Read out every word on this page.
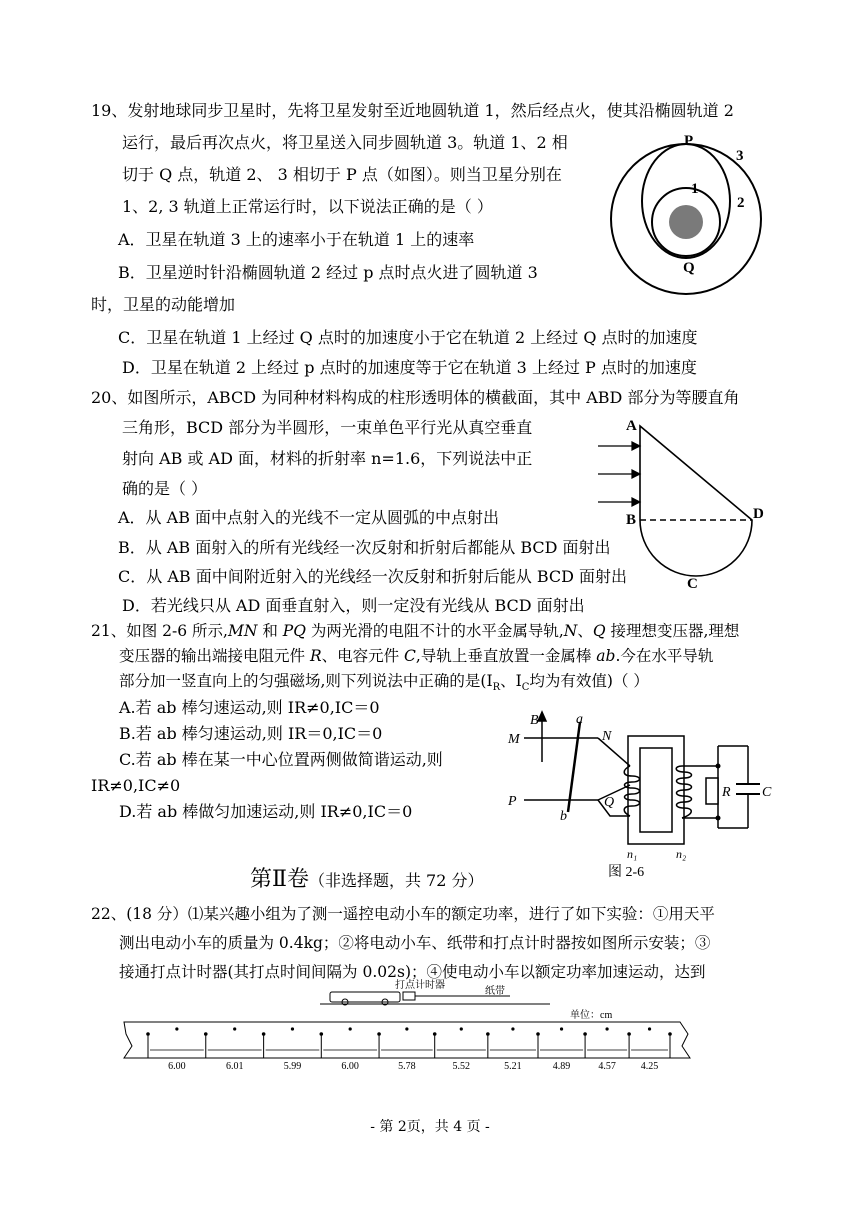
19、发射地球同步卫星时，先将卫星发射至近地圆轨道 1，然后经点火，使其沿椭圆轨道 2
运行，最后再次点火，将卫星送入同步圆轨道 3。轨道 1、2 相
切于 Q 点，轨道 2、 3 相切于 P 点（如图）。则当卫星分别在
1、2, 3 轨道上正常运行时，以下说法正确的是（ ）
A．卫星在轨道 3 上的速率小于在轨道 1 上的速率
B．卫星逆时针沿椭圆轨道 2 经过 p 点时点火进了圆轨道 3
时，卫星的动能增加
C．卫星在轨道 1 上经过 Q 点时的加速度小于它在轨道 2 上经过 Q 点时的加速度
D．卫星在轨道 2 上经过 p 点时的加速度等于它在轨道 3 上经过 P 点时的加速度
P
Q
1
2
3
20、如图所示，ABCD 为同种材料构成的柱形透明体的横截面，其中 ABD 部分为等腰直角
三角形，BCD 部分为半圆形，一束单色平行光从真空垂直
射向 AB 或 AD 面，材料的折射率 n=1.6，下列说法中正
确的是（ ）
A．从 AB 面中点射入的光线不一定从圆弧的中点射出
B．从 AB 面射入的所有光线经一次反射和折射后都能从 BCD 面射出
C．从 AB 面中间附近射入的光线经一次反射和折射后能从 BCD 面射出
D．若光线只从 AD 面垂直射入，则一定没有光线从 BCD 面射出
A
B
C
D
21、如图 2-6 所示,MN 和 PQ 为两光滑的电阻不计的水平金属导轨,N、Q 接理想变压器,理想
变压器的输出端接电阻元件 R、电容元件 C,导轨上垂直放置一金属棒 ab.今在水平导轨
部分加一竖直向上的匀强磁场,则下列说法中正确的是($I_R$、$I_C$均为有效值)（ ）
A.若 ab 棒匀速运动,则 IR≠0,IC＝0
B.若 ab 棒匀速运动,则 IR＝0,IC＝0
C.若 ab 棒在某一中心位置两侧做简谐运动,则
IR≠0,IC≠0
D.若 ab 棒做匀加速运动,则 IR≠0,IC＝0
M
P
N
Q
B	a
b
R C
n₁	n₂
图 2-6
第Ⅱ卷（非选择题，共 72 分）
22、(18 分）⑴某兴趣小组为了测一遥控电动小车的额定功率，进行了如下实验：①用天平
测出电动小车的质量为 0.4kg；②将电动小车、纸带和打点计时器按如图所示安装；③
接通打点计时器(其打点时间间隔为 0.02s)；④使电动小车以额定功率加速运动，达到
打点计时器
纸带
单位：cm
6.00	6.01	5.99	6.00	5.78	5.52	5.21	4.89	4.57 4.25
- 第 2页，共 4 页 -
